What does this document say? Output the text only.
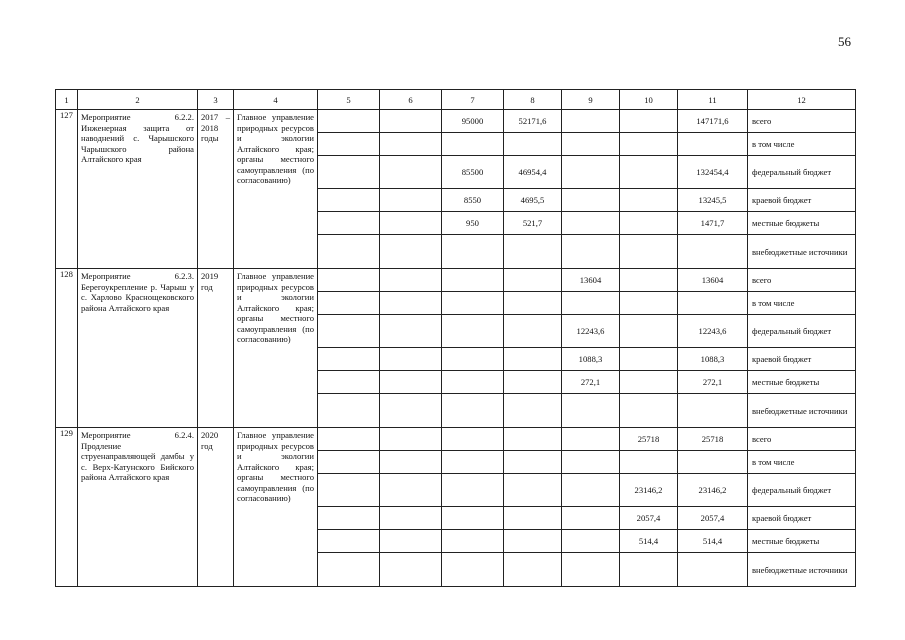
56
1	2	3	4	5	6	7	8	9	10	11	12
127	Мероприятие 6.2.2. Инженерная защита от наводнений с. Чарышского Чарышского района Алтайского края	2017 – 2018 годы	Главное управление природных ресурсов и экологии Алтайского края; органы местного самоуправления (по согласованию)			95000	52171,6			147171,6	всего
											в том числе
						85500	46954,4			132454,4	федеральный бюджет
						8550	4695,5			13245,5	краевой бюджет
						950	521,7			1471,7	местные бюджеты
											внебюджетные источники
128	Мероприятие 6.2.3. Берегоукрепление р. Чарыш у с. Харлово Краснощековского района Алтайского края	2019 год	Главное управление природных ресурсов и экологии Алтайского края; органы местного самоуправления (по согласованию)					13604		13604	всего
											в том числе
								12243,6		12243,6	федеральный бюджет
								1088,3		1088,3	краевой бюджет
								272,1		272,1	местные бюджеты
											внебюджетные источники
129	Мероприятие 6.2.4. Продление струенаправляющей дамбы у с. Верх-Катунского Бийского района Алтайского края	2020 год	Главное управление природных ресурсов и экологии Алтайского края; органы местного самоуправления (по согласованию)						25718	25718	всего
											в том числе
									23146,2	23146,2	федеральный бюджет
									2057,4	2057,4	краевой бюджет
									514,4	514,4	местные бюджеты
											внебюджетные источники
